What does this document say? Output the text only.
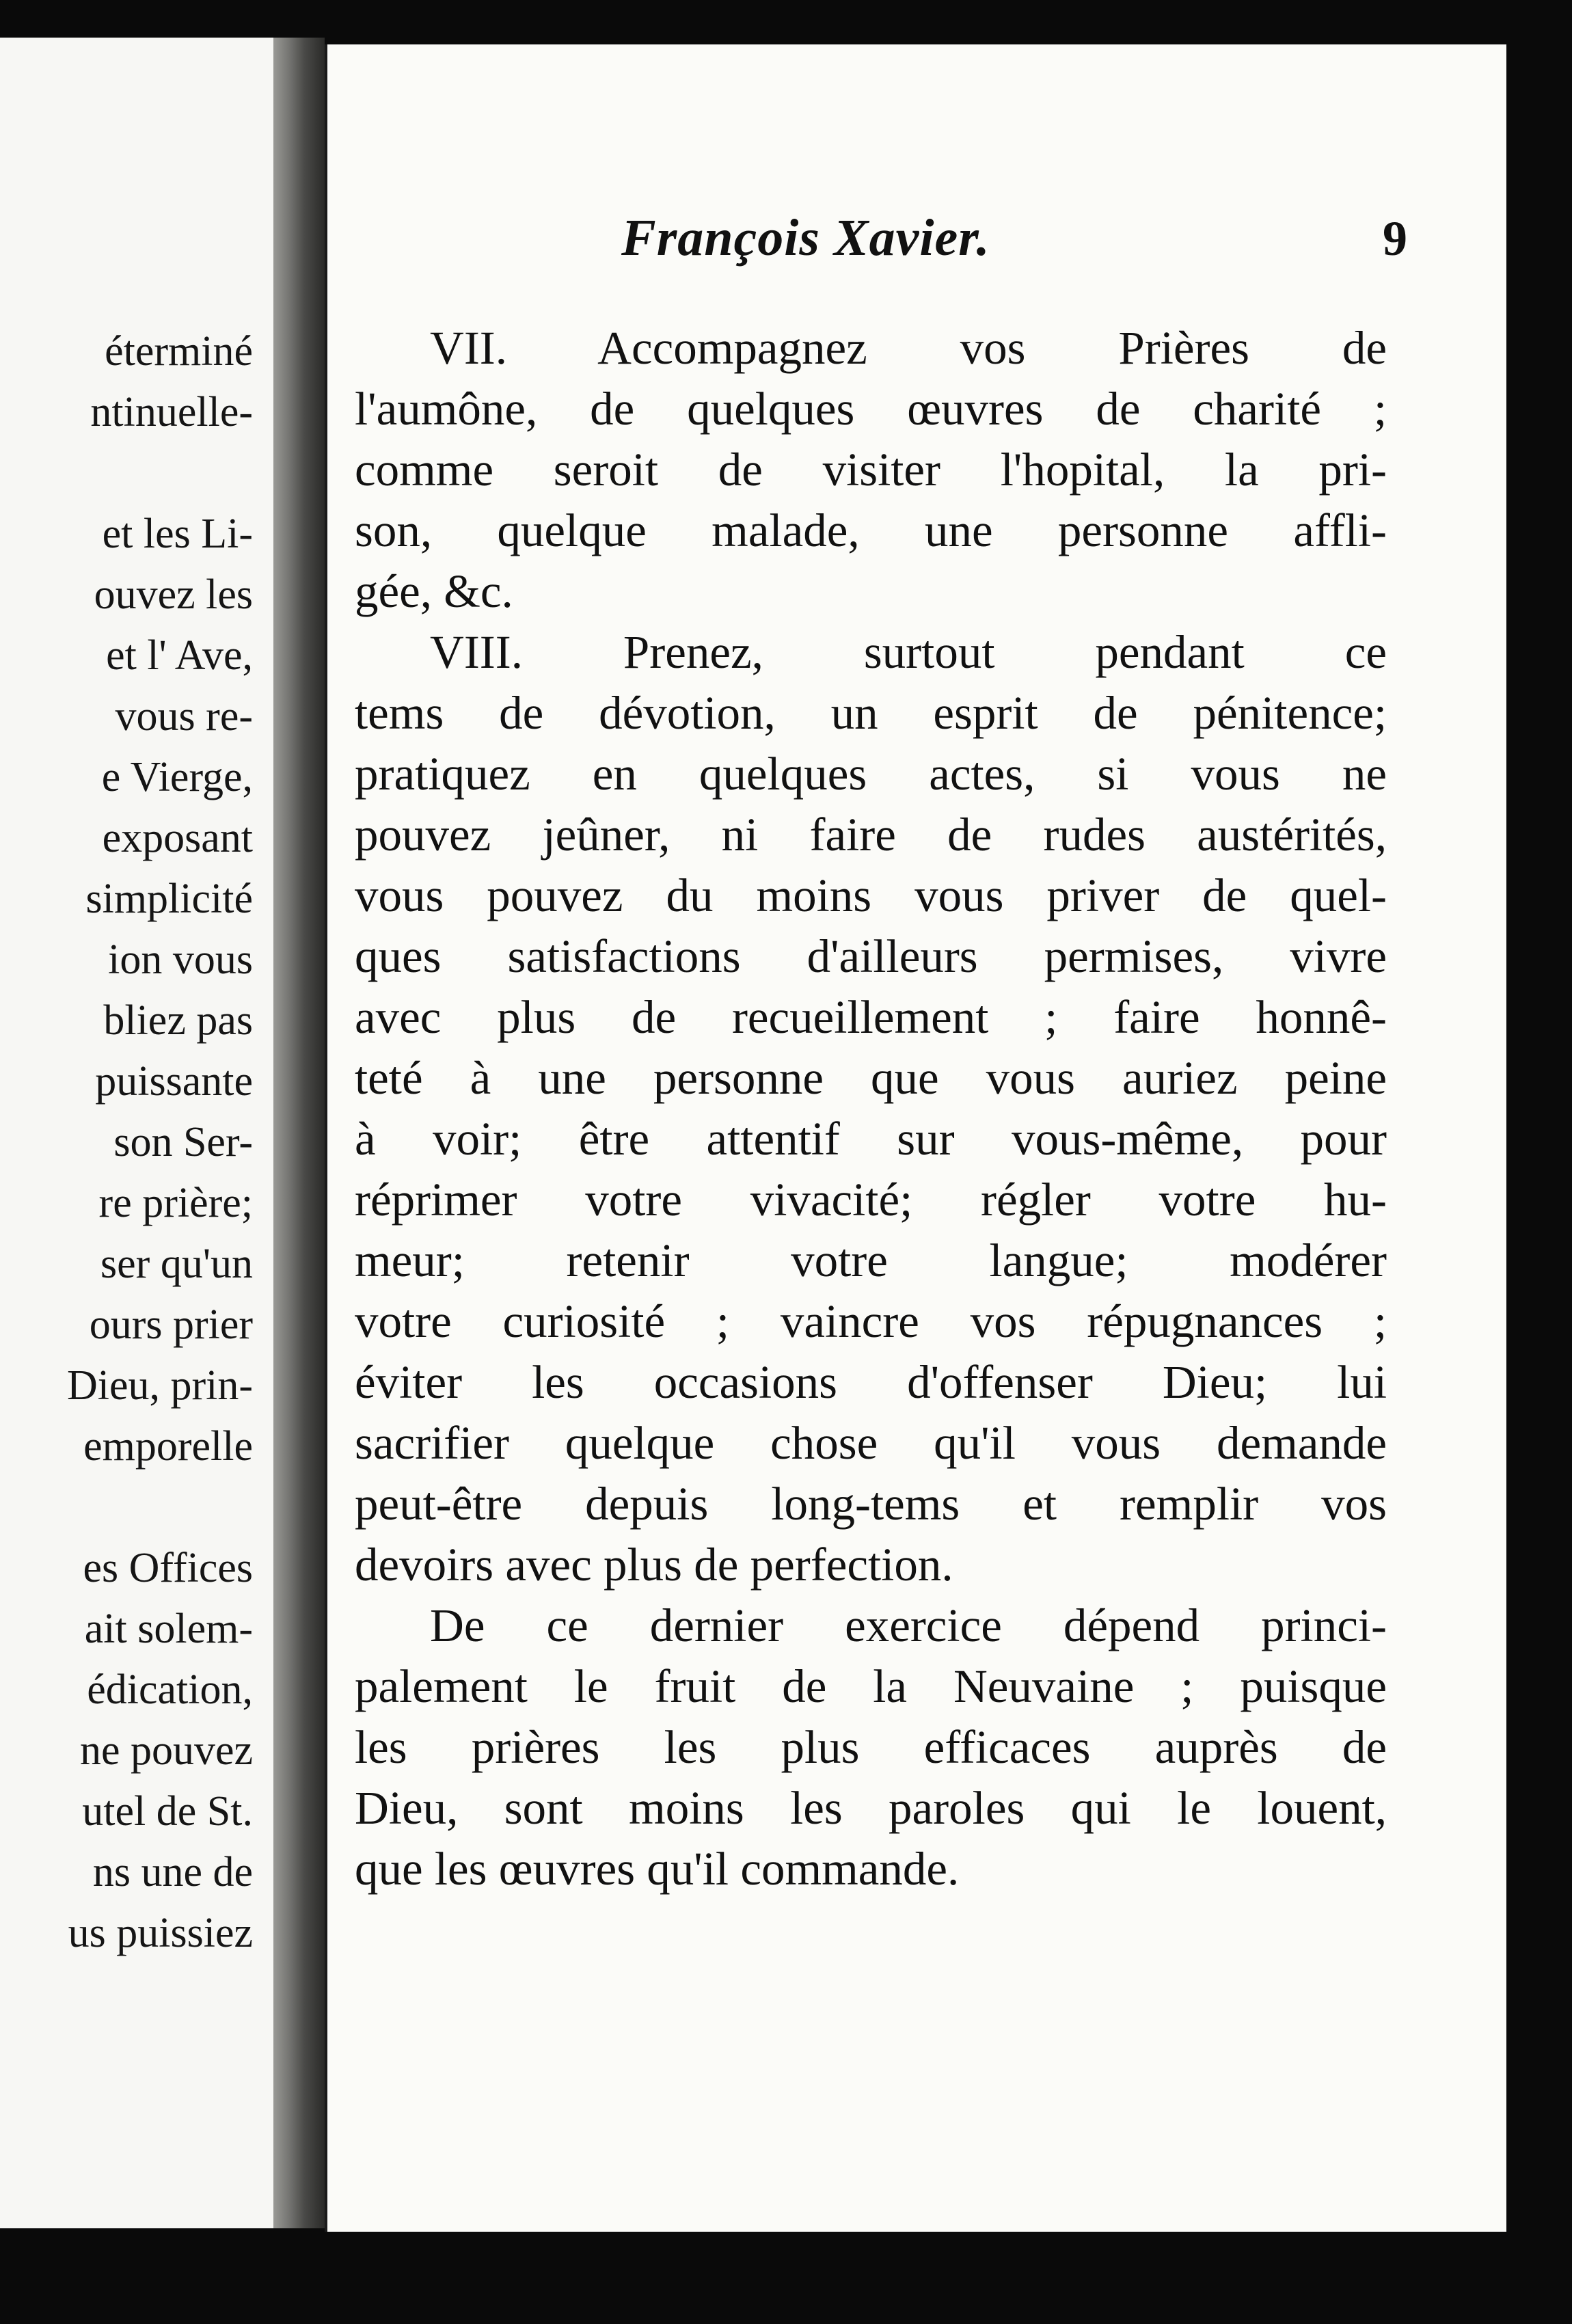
éterminé
ntinuelle-
et les Li-
ouvez les
et l' Ave,
vous re-
e Vierge,
exposant
simplicité
ion vous
bliez pas
puissante
son Ser-
re prière;
ser qu'un
ours prier
Dieu, prin-
emporelle
es Offices
ait solem-
édication,
ne pouvez
utel de St.
ns une de
us puissiez
François Xavier.	9
VII. Accompagnez vos Prières de
l'aumône, de quelques œuvres de charité ;
comme seroit de visiter l'hopital, la pri-
son, quelque malade, une personne affli-
gée, &c.
VIII. Prenez, surtout pendant ce
tems de dévotion, un esprit de pénitence;
pratiquez en quelques actes, si vous ne
pouvez jeûner, ni faire de rudes austérités,
vous pouvez du moins vous priver de quel-
ques satisfactions d'ailleurs permises, vivre
avec plus de recueillement ; faire honnê-
teté à une personne que vous auriez peine
à voir; être attentif sur vous-même, pour
réprimer votre vivacité; régler votre hu-
meur; retenir votre langue; modérer
votre curiosité ; vaincre vos répugnances ;
éviter les occasions d'offenser Dieu; lui
sacrifier quelque chose qu'il vous demande
peut-être depuis long-tems et remplir vos
devoirs avec plus de perfection.
De ce dernier exercice dépend princi-
palement le fruit de la Neuvaine ; puisque
les prières les plus efficaces auprès de
Dieu, sont moins les paroles qui le louent,
que les œuvres qu'il commande.
